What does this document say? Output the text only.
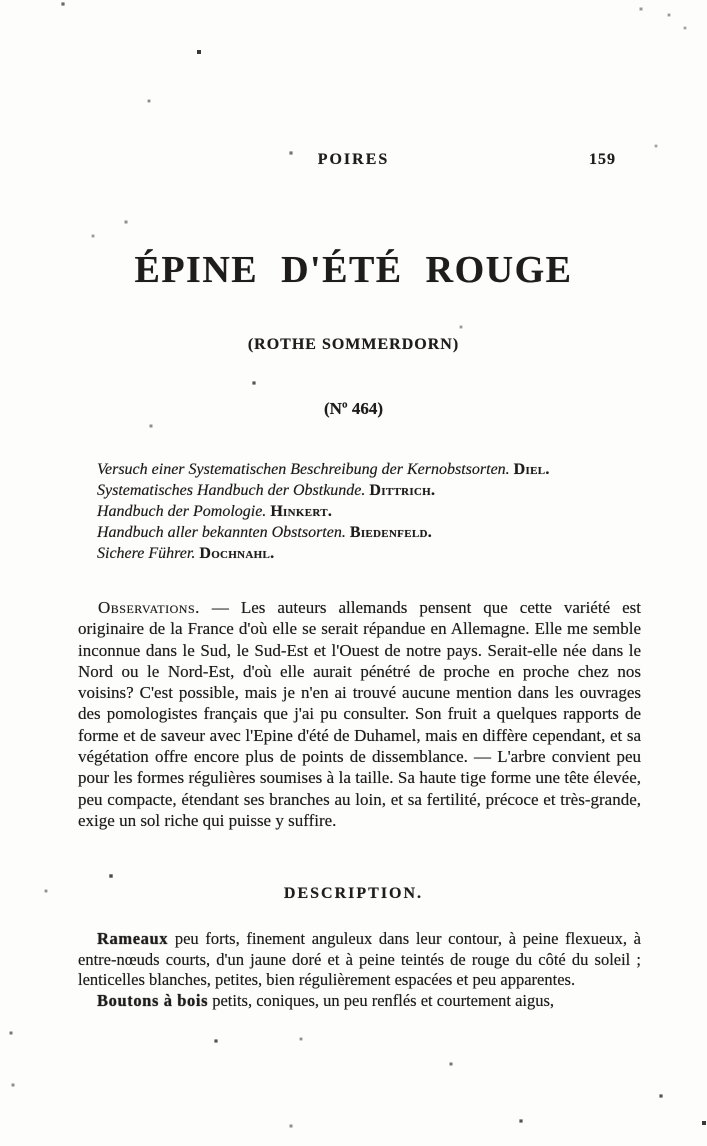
POIRES	159
ÉPINE D'ÉTÉ ROUGE
(ROTHE SOMMERDORN)
(Nº 464)
Versuch einer Systematischen Beschreibung der Kernobstsorten. Diel.
Systematisches Handbuch der Obstkunde. Dittrich.
Handbuch der Pomologie. Hinkert.
Handbuch aller bekannten Obstsorten. Biedenfeld.
Sichere Führer. Dochnahl.

Observations. — Les auteurs allemands pensent que cette variété est originaire de la France d'où elle se serait répandue en Allemagne. Elle me semble inconnue dans le Sud, le Sud-Est et l'Ouest de notre pays. Serait-elle née dans le Nord ou le Nord-Est, d'où elle aurait pénétré de proche en proche chez nos voisins? C'est possible, mais je n'en ai trouvé aucune mention dans les ouvrages des pomologistes français que j'ai pu consulter. Son fruit a quelques rapports de forme et de saveur avec l'Epine d'été de Duhamel, mais en diffère cependant, et sa végétation offre encore plus de points de dissemblance. — L'arbre convient peu pour les formes régulières soumises à la taille. Sa haute tige forme une tête élevée, peu compacte, étendant ses branches au loin, et sa fertilité, précoce et très-grande, exige un sol riche qui puisse y suffire.

DESCRIPTION.

Rameaux peu forts, finement anguleux dans leur contour, à peine flexueux, à entre-nœuds courts, d'un jaune doré et à peine teintés de rouge du côté du soleil ; lenticelles blanches, petites, bien régulièrement espacées et peu apparentes.

Boutons à bois petits, coniques, un peu renflés et courtement aigus,
